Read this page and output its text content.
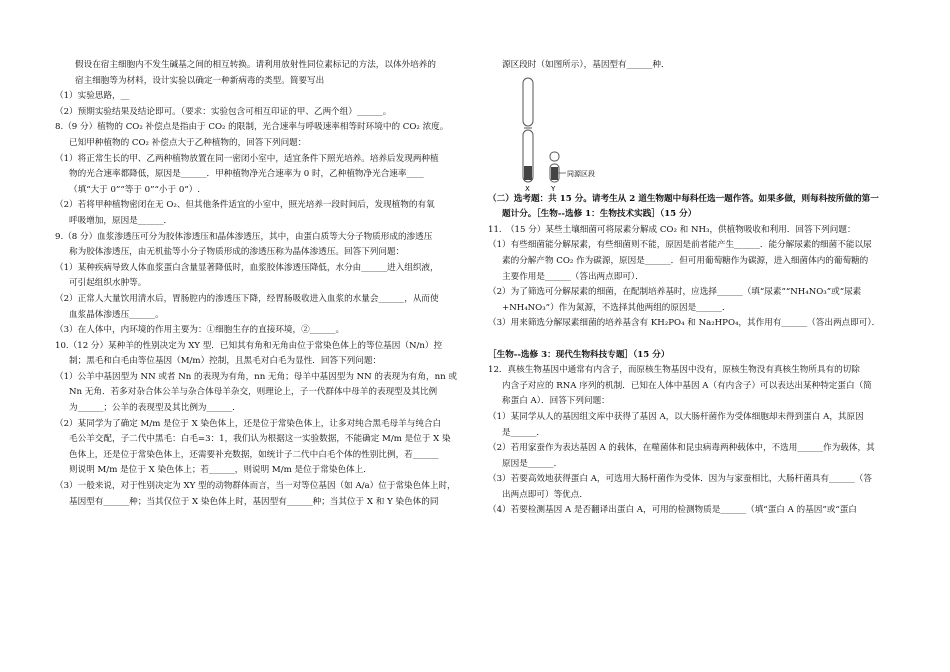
假设在宿主细胞内不发生碱基之间的相互转换。请利用放射性同位素标记的方法，以体外培养的
宿主细胞等为材料，设计实验以确定一种新病毒的类型。简要写出
（1）实验思路，__
（2）预期实验结果及结论即可。（要求：实验包含可相互印证的甲、乙两个组）______。
8.（9 分）植物的 CO₂ 补偿点是指由于 CO₂ 的限制，光合速率与呼吸速率相等时环境中的 CO₂ 浓度。
已知甲种植物的 CO₂ 补偿点大于乙种植物的，回答下列问题：
（1）将正常生长的甲、乙两种植物放置在同一密闭小室中，适宜条件下照光培养。培养后发现两种植
物的光合速率都降低，原因是______．甲种植物净光合速率为 0 时，乙种植物净光合速率____
（填“大于 0”“等于 0”“小于 0”）.
（2）若将甲种植物密闭在无 O₂、但其他条件适宜的小室中，照光培养一段时间后，发现植物的有氧
呼吸增加，原因是______．
9.（8 分）血浆渗透压可分为胶体渗透压和晶体渗透压，其中，由蛋白质等大分子物质形成的渗透压
称为胶体渗透压，由无机盐等小分子物质形成的渗透压称为晶体渗透压。回答下列问题：
（1）某种疾病导致人体血浆蛋白含量显著降低时，血浆胶体渗透压降低，水分由______进入组织液，
可引起组织水肿等。
（2）正常人大量饮用清水后，胃肠腔内的渗透压下降，经胃肠吸收进入血浆的水量会______，从而使
血浆晶体渗透压______。
（3）在人体中，内环境的作用主要为：①细胞生存的直接环境，②______。
10.（12 分）某种羊的性别决定为 XY 型．已知其有角和无角由位于常染色体上的等位基因（N/n）控
制；黑毛和白毛由等位基因（M/m）控制，且黑毛对白毛为显性．回答下列问题：
（1）公羊中基因型为 NN 或者 Nn 的表现为有角，nn 无角；母羊中基因型为 NN 的表现为有角，nn 或
Nn 无角．若多对杂合体公羊与杂合体母羊杂交，则理论上，子一代群体中母羊的表现型及其比例
为______；公羊的表现型及其比例为______．
（2）某同学为了确定 M/m 是位于 X 染色体上，还是位于常染色体上，让多对纯合黑毛母羊与纯合白
毛公羊交配，子二代中黑毛：白毛=3：1，我们认为根据这一实验数据，不能确定 M/m 是位于 X 染
色体上，还是位于常染色体上，还需要补充数据，如统计子二代中白毛个体的性别比例，若______
则说明 M/m 是位于 X 染色体上；若______，则说明 M/m 是位于常染色体上．
（3）一般来说，对于性别决定为 XY 型的动物群体而言，当一对等位基因（如 A/a）位于常染色体上时，
基因型有______种；当其仅位于 X 染色体上时，基因型有______种；当其位于 X 和 Y 染色体的同
源区段时（如图所示），基因型有______种．
同源区段
X	Y
（二）选考题：共 15 分。请考生从 2 道生物题中每科任选一题作答。如果多做，则每科按所做的第一
题计分。［生物--选修 1：生物技术实践］（15 分）
11.　（15 分）某些土壤细菌可将尿素分解成 CO₂ 和 NH₃，供植物吸收和利用．回答下列问题：
（1）有些细菌能分解尿素，有些细菌则不能，原因是前者能产生______．能分解尿素的细菌不能以尿
素的分解产物 CO₂ 作为碳源，原因是______．但可用葡萄糖作为碳源，进入细菌体内的葡萄糖的
主要作用是______（答出两点即可）．
（2）为了筛选可分解尿素的细菌，在配制培养基时，应选择______（填“尿素”“NH₄NO₃”或“尿素
+NH₄NO₃”）作为氮源，不选择其他两组的原因是______．
（3）用来筛选分解尿素细菌的培养基含有 KH₂PO₄ 和 Na₂HPO₄，其作用有______（答出两点即可）．

［生物--选修 3：现代生物科技专题］（15 分）
12．真核生物基因中通常有内含子，而原核生物基因中没有，原核生物没有真核生物所具有的切除
内含子对应的 RNA 序列的机制．已知在人体中基因 A（有内含子）可以表达出某种特定蛋白（简
称蛋白 A）．回答下列问题：
（1）某同学从人的基因组文库中获得了基因 A，以大肠杆菌作为受体细胞却未得到蛋白 A，其原因
是______．
（2）若用家蚕作为表达基因 A 的载体，在噬菌体和昆虫病毒两种载体中，不选用______作为载体，其
原因是______．
（3）若要高效地获得蛋白 A，可选用大肠杆菌作为受体．因为与家蚕相比，大肠杆菌具有______（答
出两点即可）等优点．
（4）若要检测基因 A 是否翻译出蛋白 A，可用的检测物质是______（填“蛋白 A 的基因”或“蛋白
